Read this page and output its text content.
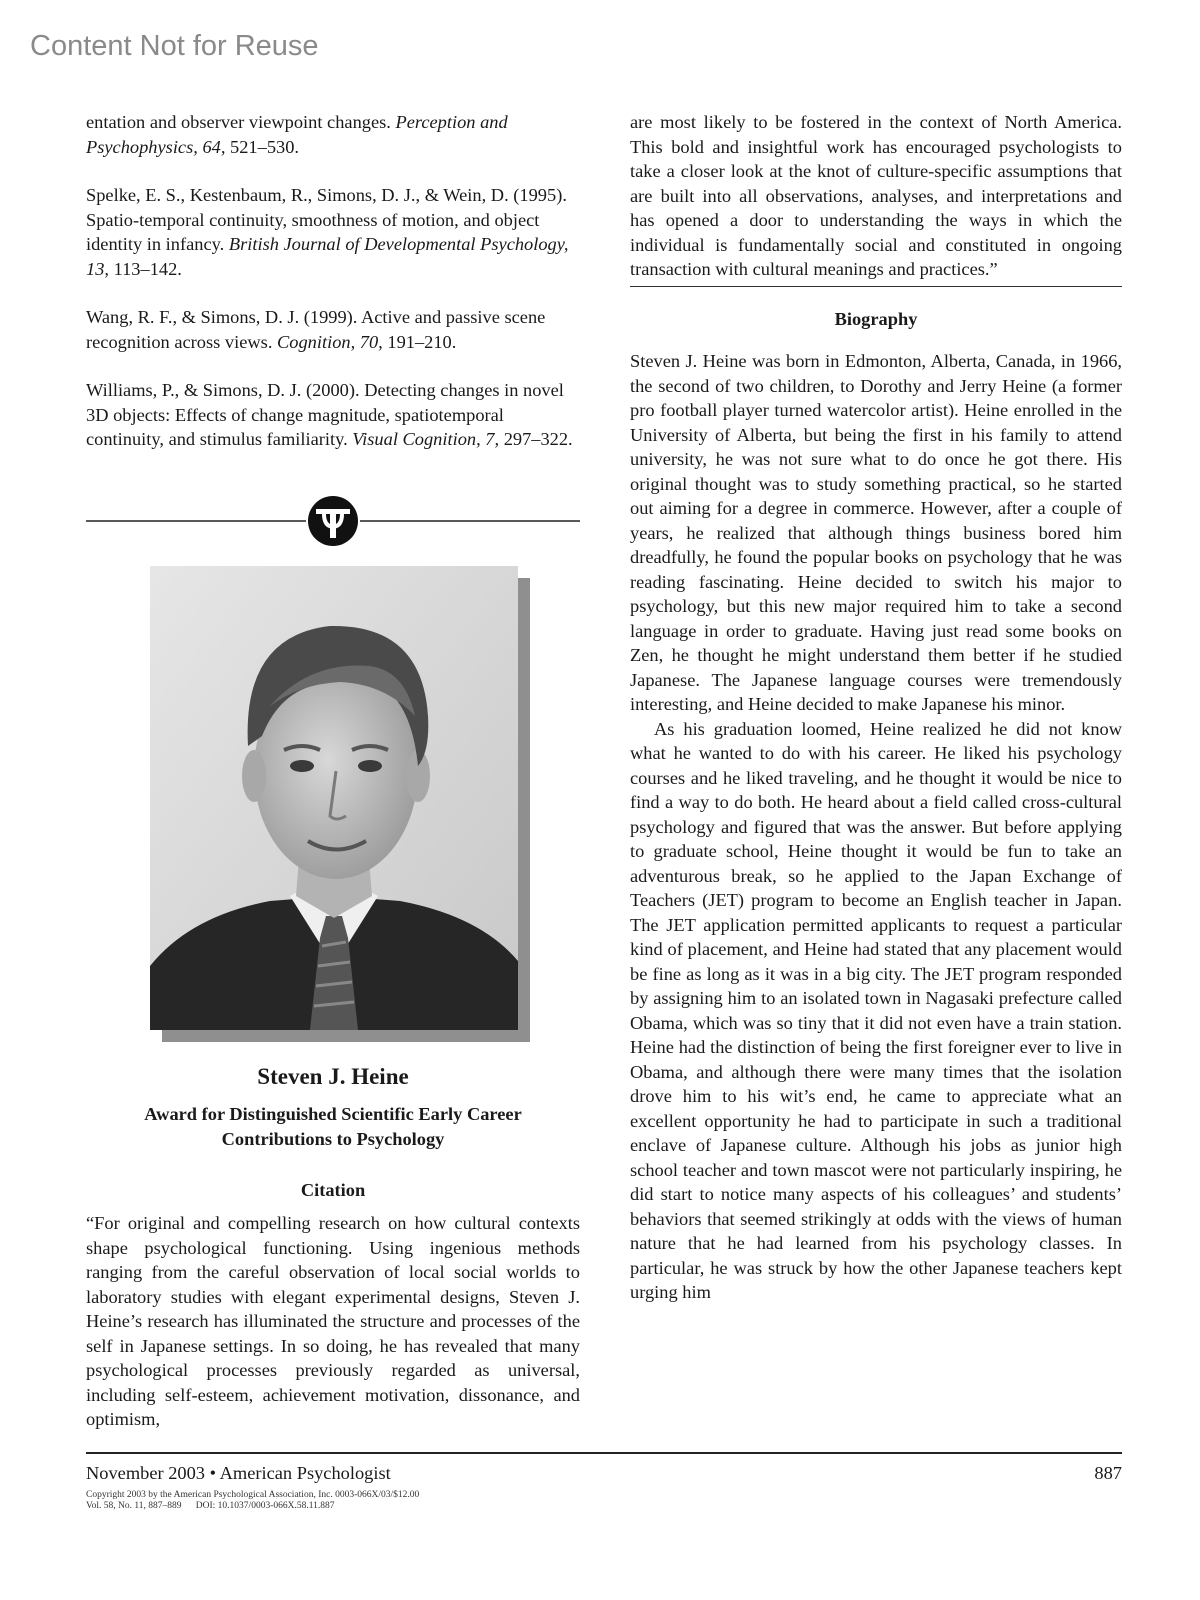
Content Not for Reuse
entation and observer viewpoint changes. Perception and Psychophysics, 64, 521–530.
Spelke, E. S., Kestenbaum, R., Simons, D. J., & Wein, D. (1995). Spatio-temporal continuity, smoothness of motion, and object identity in infancy. British Journal of Developmental Psychology, 13, 113–142.
Wang, R. F., & Simons, D. J. (1999). Active and passive scene recognition across views. Cognition, 70, 191–210.
Williams, P., & Simons, D. J. (2000). Detecting changes in novel 3D objects: Effects of change magnitude, spatiotemporal continuity, and stimulus familiarity. Visual Cognition, 7, 297–322.
Steven J. Heine
Award for Distinguished Scientific Early Career
Contributions to Psychology
Citation
“For original and compelling research on how cultural contexts shape psychological functioning. Using ingenious methods ranging from the careful observation of local social worlds to laboratory studies with elegant experimental designs, Steven J. Heine’s research has illuminated the structure and processes of the self in Japanese settings. In so doing, he has revealed that many psychological processes previously regarded as universal, including self-esteem, achievement motivation, dissonance, and optimism,

are most likely to be fostered in the context of North America. This bold and insightful work has encouraged psychologists to take a closer look at the knot of culture-specific assumptions that are built into all observations, analyses, and interpretations and has opened a door to understanding the ways in which the individual is fundamentally social and constituted in ongoing transaction with cultural meanings and practices.”

Biography

Steven J. Heine was born in Edmonton, Alberta, Canada, in 1966, the second of two children, to Dorothy and Jerry Heine (a former pro football player turned watercolor artist). Heine enrolled in the University of Alberta, but being the first in his family to attend university, he was not sure what to do once he got there. His original thought was to study something practical, so he started out aiming for a degree in commerce. However, after a couple of years, he realized that although things business bored him dreadfully, he found the popular books on psychology that he was reading fascinating. Heine decided to switch his major to psychology, but this new major required him to take a second language in order to graduate. Having just read some books on Zen, he thought he might understand them better if he studied Japanese. The Japanese language courses were tremendously interesting, and Heine decided to make Japanese his minor.

As his graduation loomed, Heine realized he did not know what he wanted to do with his career. He liked his psychology courses and he liked traveling, and he thought it would be nice to find a way to do both. He heard about a field called cross-cultural psychology and figured that was the answer. But before applying to graduate school, Heine thought it would be fun to take an adventurous break, so he applied to the Japan Exchange of Teachers (JET) program to become an English teacher in Japan. The JET application permitted applicants to request a particular kind of placement, and Heine had stated that any placement would be fine as long as it was in a big city. The JET program responded by assigning him to an isolated town in Nagasaki prefecture called Obama, which was so tiny that it did not even have a train station. Heine had the distinction of being the first foreigner ever to live in Obama, and although there were many times that the isolation drove him to his wit’s end, he came to appreciate what an excellent opportunity he had to participate in such a traditional enclave of Japanese culture. Although his jobs as junior high school teacher and town mascot were not particularly inspiring, he did start to notice many aspects of his colleagues’ and students’ behaviors that seemed strikingly at odds with the views of human nature that he had learned from his psychology classes. In particular, he was struck by how the other Japanese teachers kept urging him

November 2003 • American Psychologist	887
Copyright 2003 by the American Psychological Association, Inc. 0003-066X/03/$12.00
Vol. 58, No. 11, 887–889      DOI: 10.1037/0003-066X.58.11.887
